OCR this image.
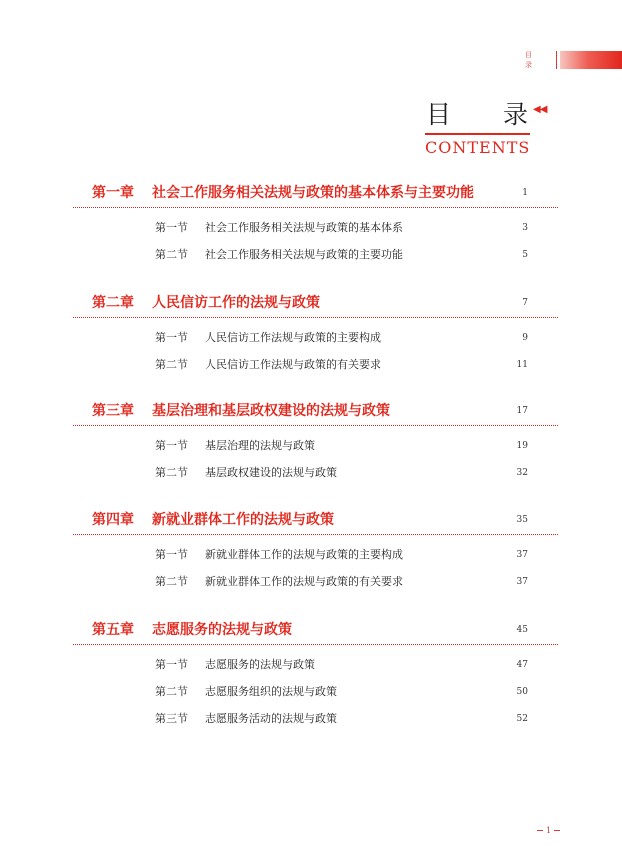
目 录
目 录 ◀◀
CONTENTS
第一章 社会工作服务相关法规与政策的基本体系与主要功能	1
第一节 社会工作服务相关法规与政策的基本体系	3
第二节 社会工作服务相关法规与政策的主要功能	5
第二章 人民信访工作的法规与政策	7
第一节 人民信访工作法规与政策的主要构成	9
第二节 人民信访工作法规与政策的有关要求	11
第三章 基层治理和基层政权建设的法规与政策	17
第一节 基层治理的法规与政策	19
第二节 基层政权建设的法规与政策	32
第四章 新就业群体工作的法规与政策	35
第一节 新就业群体工作的法规与政策的主要构成	37
第二节 新就业群体工作的法规与政策的有关要求	37
第五章 志愿服务的法规与政策	45
第一节 志愿服务的法规与政策	47
第二节 志愿服务组织的法规与政策	50
第三节 志愿服务活动的法规与政策	52
1
